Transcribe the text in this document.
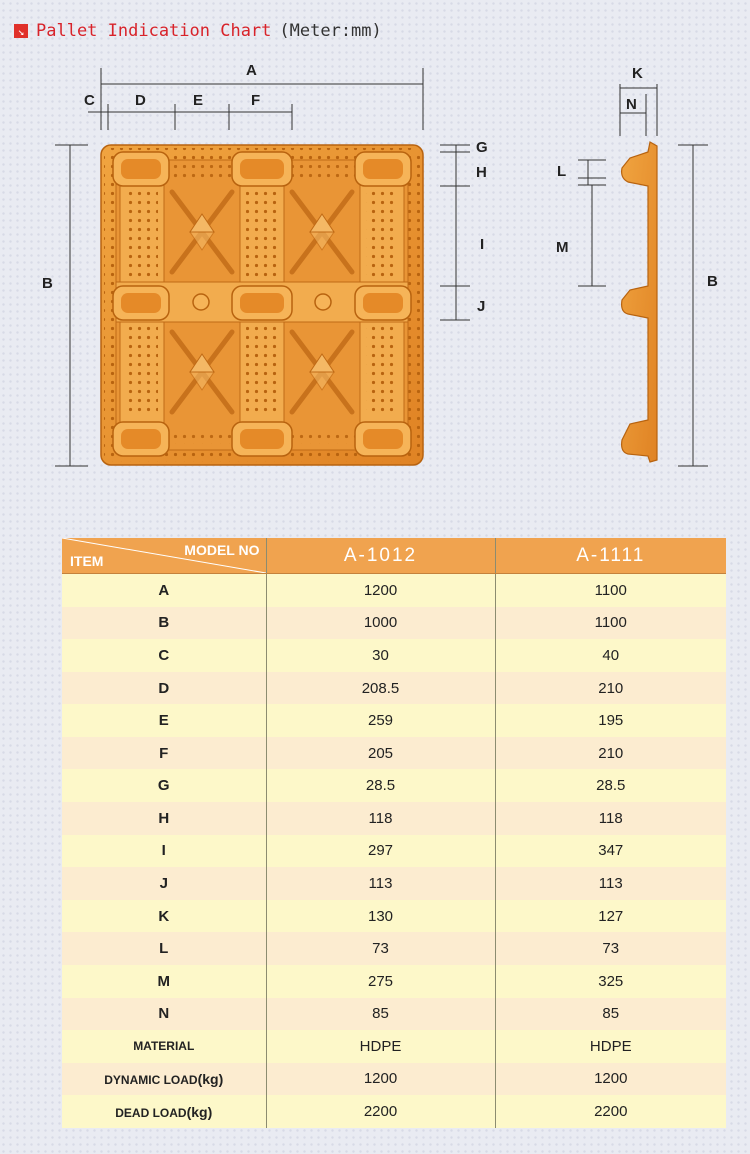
↘ Pallet Indication Chart (Meter:mm)
A
C	D	E	F
B
G
H
I
J
K
N
L
M
B
MODEL NO
ITEM	A-1012	A-1111
A	1200	1100
B	1000	1100
C	30	40
D	208.5	210
E	259	195
F	205	210
G	28.5	28.5
H	118	118
I	297	347
J	113	113
K	130	127
L	73	73
M	275	325
N	85	85
MATERIAL	HDPE	HDPE
DYNAMIC LOAD(kg)	1200	1200
DEAD LOAD(kg)	2200	2200
